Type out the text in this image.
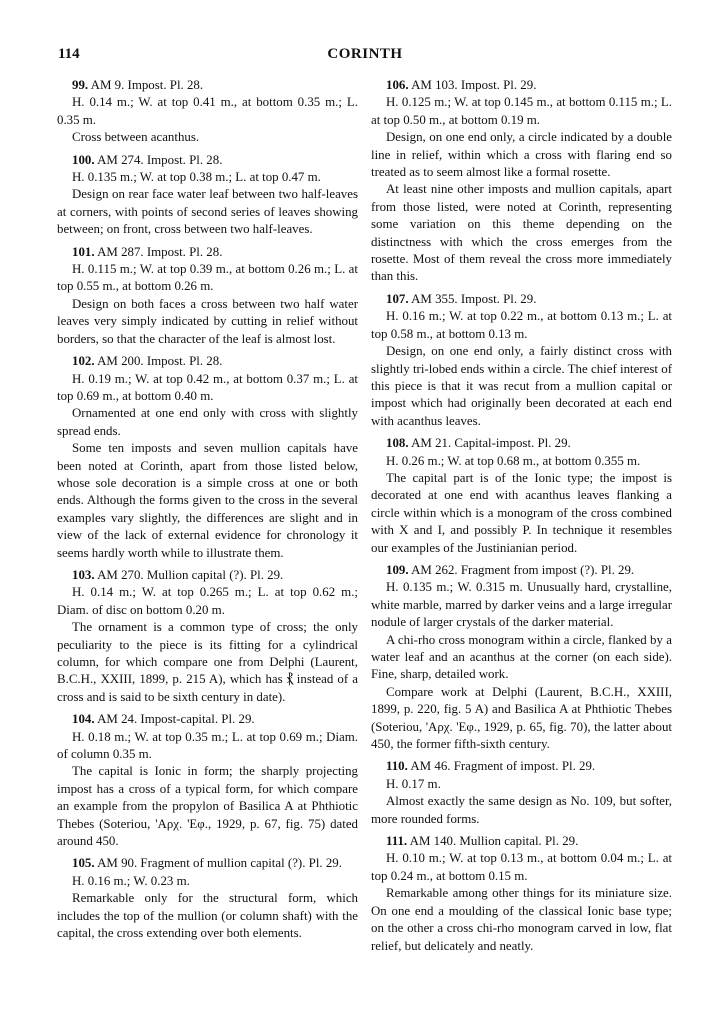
114	CORINTH
99. AM 9. Impost. Pl. 28.
H. 0.14 m.; W. at top 0.41 m., at bottom 0.35 m.; L. 0.35 m.
Cross between acanthus.
100. AM 274. Impost. Pl. 28.
H. 0.135 m.; W. at top 0.38 m.; L. at top 0.47 m.
Design on rear face water leaf between two half-leaves at corners, with points of second series of leaves showing between; on front, cross between two half-leaves.
101. AM 287. Impost. Pl. 28.
H. 0.115 m.; W. at top 0.39 m., at bottom 0.26 m.; L. at top 0.55 m., at bottom 0.26 m.
Design on both faces a cross between two half water leaves very simply indicated by cutting in relief without borders, so that the character of the leaf is almost lost.
102. AM 200. Impost. Pl. 28.
H. 0.19 m.; W. at top 0.42 m., at bottom 0.37 m.; L. at top 0.69 m., at bottom 0.40 m.
Ornamented at one end only with cross with slightly spread ends.
Some ten imposts and seven mullion capitals have been noted at Corinth, apart from those listed below, whose sole decoration is a simple cross at one or both ends. Although the forms given to the cross in the several examples vary slightly, the differences are slight and in view of the lack of external evidence for chronology it seems hardly worth while to illustrate them.
103. AM 270. Mullion capital (?). Pl. 29.
H. 0.14 m.; W. at top 0.265 m.; L. at top 0.62 m.; Diam. of disc on bottom 0.20 m.
The ornament is a common type of cross; the only peculiarity to the piece is its fitting for a cylindrical column, for which compare one from Delphi (Laurent, B.C.H., XXIII, 1899, p. 215 A), which has ⳩ instead of a cross and is said to be sixth century in date).
104. AM 24. Impost-capital. Pl. 29.
H. 0.18 m.; W. at top 0.35 m.; L. at top 0.69 m.; Diam. of column 0.35 m.
The capital is Ionic in form; the sharply projecting impost has a cross of a typical form, for which compare an example from the propylon of Basilica A at Phthiotic Thebes (Soteriou, 'Αρχ. 'Εφ., 1929, p. 67, fig. 75) dated around 450.
105. AM 90. Fragment of mullion capital (?). Pl. 29.
H. 0.16 m.; W. 0.23 m.
Remarkable only for the structural form, which includes the top of the mullion (or column shaft) with the capital, the cross extending over both elements.
106. AM 103. Impost. Pl. 29.
H. 0.125 m.; W. at top 0.145 m., at bottom 0.115 m.; L. at top 0.50 m., at bottom 0.19 m.
Design, on one end only, a circle indicated by a double line in relief, within which a cross with flaring end so treated as to seem almost like a formal rosette.
At least nine other imposts and mullion capitals, apart from those listed, were noted at Corinth, representing some variation on this theme depending on the distinctness with which the cross emerges from the rosette. Most of them reveal the cross more immediately than this.
107. AM 355. Impost. Pl. 29.
H. 0.16 m.; W. at top 0.22 m., at bottom 0.13 m.; L. at top 0.58 m., at bottom 0.13 m.
Design, on one end only, a fairly distinct cross with slightly tri-lobed ends within a circle. The chief interest of this piece is that it was recut from a mullion capital or impost which had originally been decorated at each end with acanthus leaves.
108. AM 21. Capital-impost. Pl. 29.
H. 0.26 m.; W. at top 0.68 m., at bottom 0.355 m.
The capital part is of the Ionic type; the impost is decorated at one end with acanthus leaves flanking a circle within which is a monogram of the cross combined with X and I, and possibly P. In technique it resembles our examples of the Justinianian period.
109. AM 262. Fragment from impost (?). Pl. 29.
H. 0.135 m.; W. 0.315 m. Unusually hard, crystalline, white marble, marred by darker veins and a large irregular nodule of larger crystals of the darker material.
A chi-rho cross monogram within a circle, flanked by a water leaf and an acanthus at the corner (on each side). Fine, sharp, detailed work.
Compare work at Delphi (Laurent, B.C.H., XXIII, 1899, p. 220, fig. 5 A) and Basilica A at Phthiotic Thebes (Soteriou, 'Αρχ. 'Εφ., 1929, p. 65, fig. 70), the latter about 450, the former fifth-sixth century.
110. AM 46. Fragment of impost. Pl. 29.
H. 0.17 m.
Almost exactly the same design as No. 109, but softer, more rounded forms.
111. AM 140. Mullion capital. Pl. 29.
H. 0.10 m.; W. at top 0.13 m., at bottom 0.04 m.; L. at top 0.24 m., at bottom 0.15 m.
Remarkable among other things for its miniature size. On one end a moulding of the classical Ionic base type; on the other a cross chi-rho monogram carved in low, flat relief, but delicately and neatly.
